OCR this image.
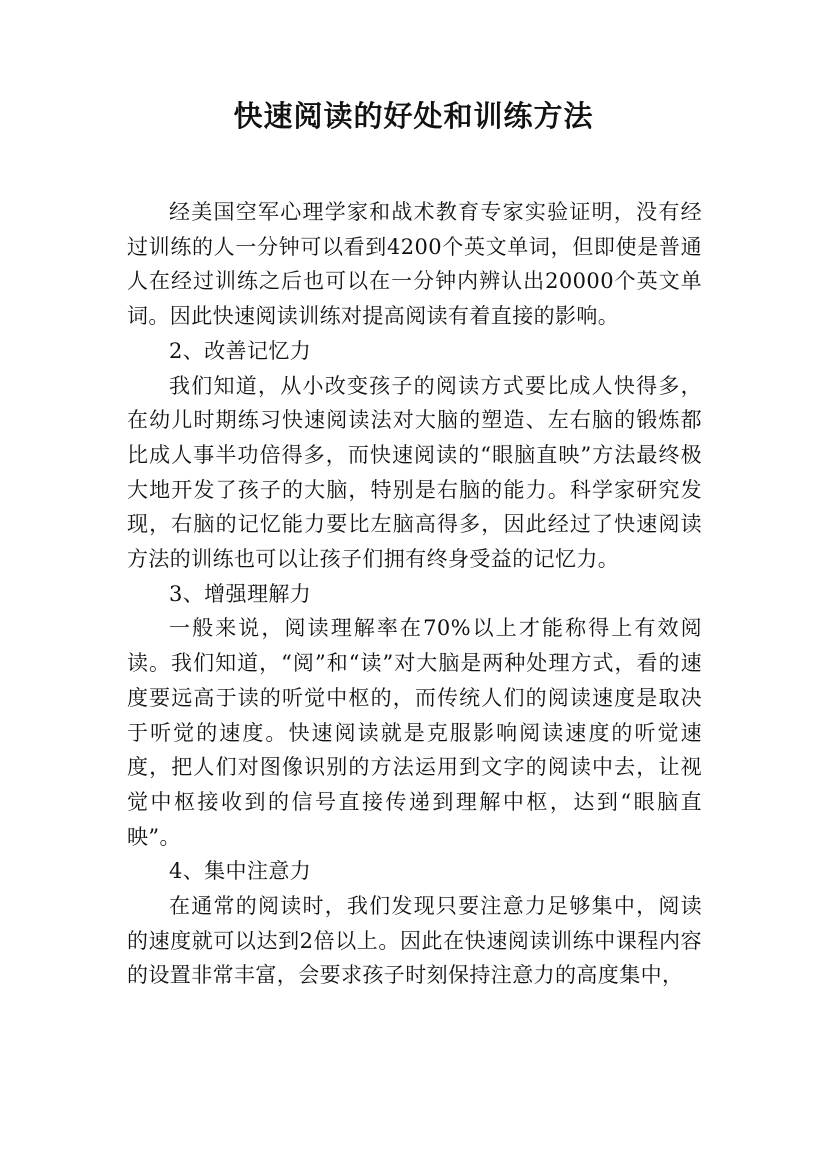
快速阅读的好处和训练方法

经美国空军心理学家和战术教育专家实验证明，没有经过训练的人一分钟可以看到4200个英文单词，但即使是普通人在经过训练之后也可以在一分钟内辨认出20000个英文单词。因此快速阅读训练对提高阅读有着直接的影响。

2、改善记忆力

我们知道，从小改变孩子的阅读方式要比成人快得多，在幼儿时期练习快速阅读法对大脑的塑造、左右脑的锻炼都比成人事半功倍得多，而快速阅读的“眼脑直映”方法最终极大地开发了孩子的大脑，特别是右脑的能力。科学家研究发现，右脑的记忆能力要比左脑高得多，因此经过了快速阅读方法的训练也可以让孩子们拥有终身受益的记忆力。

3、增强理解力

一般来说，阅读理解率在70%以上才能称得上有效阅读。我们知道，“阅”和“读”对大脑是两种处理方式，看的速度要远高于读的听觉中枢的，而传统人们的阅读速度是取决于听觉的速度。快速阅读就是克服影响阅读速度的听觉速度，把人们对图像识别的方法运用到文字的阅读中去，让视觉中枢接收到的信号直接传递到理解中枢，达到“眼脑直映”。

4、集中注意力

在通常的阅读时，我们发现只要注意力足够集中，阅读的速度就可以达到2倍以上。因此在快速阅读训练中课程内容的设置非常丰富，会要求孩子时刻保持注意力的高度集中，
